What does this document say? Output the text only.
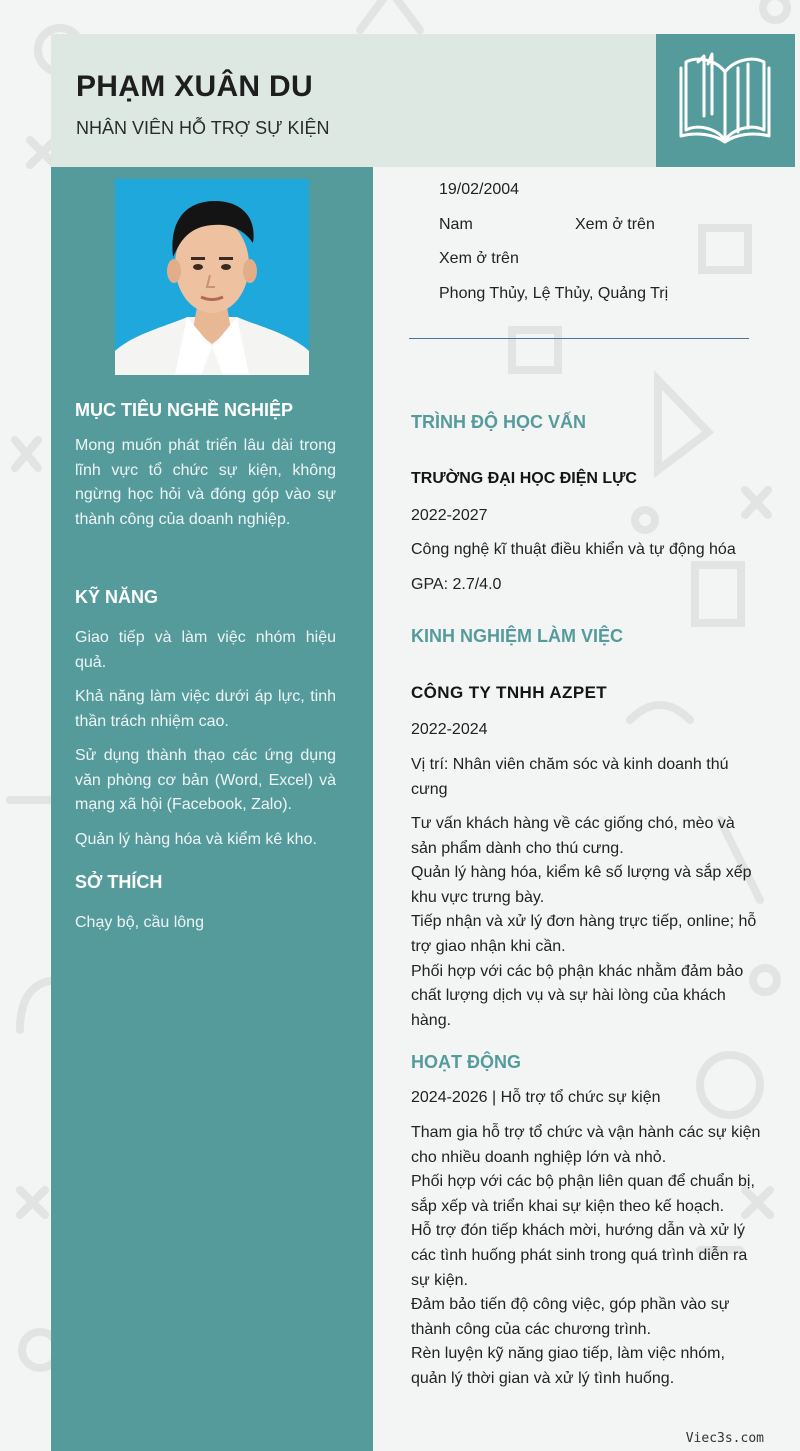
PHẠM XUÂN DU
NHÂN VIÊN HỖ TRỢ SỰ KIỆN
MỤC TIÊU NGHỀ NGHIỆP
Mong muốn phát triển lâu dài trong lĩnh vực tổ chức sự kiện, không ngừng học hỏi và đóng góp vào sự thành công của doanh nghiệp.
KỸ NĂNG
Giao tiếp và làm việc nhóm hiệu quả.
Khả năng làm việc dưới áp lực, tinh thần trách nhiệm cao.
Sử dụng thành thạo các ứng dụng văn phòng cơ bản (Word, Excel) và mạng xã hội (Facebook, Zalo).
Quản lý hàng hóa và kiểm kê kho.
SỞ THÍCH
Chạy bộ, cầu lông
19/02/2004
Nam	Xem ở trên
Xem ở trên
Phong Thủy, Lệ Thủy, Quảng Trị
TRÌNH ĐỘ HỌC VẤN
TRƯỜNG ĐẠI HỌC ĐIỆN LỰC
2022-2027
Công nghệ kĩ thuật điều khiển và tự động hóa
GPA: 2.7/4.0
KINH NGHIỆM LÀM VIỆC
CÔNG TY TNHH AZPET
2022-2024
Vị trí: Nhân viên chăm sóc và kinh doanh thú cưng
Tư vấn khách hàng về các giống chó, mèo và sản phẩm dành cho thú cưng.
Quản lý hàng hóa, kiểm kê số lượng và sắp xếp khu vực trưng bày.
Tiếp nhận và xử lý đơn hàng trực tiếp, online; hỗ trợ giao nhận khi cần.
Phối hợp với các bộ phận khác nhằm đảm bảo chất lượng dịch vụ và sự hài lòng của khách hàng.
HOẠT ĐỘNG
2024-2026 | Hỗ trợ tổ chức sự kiện
Tham gia hỗ trợ tổ chức và vận hành các sự kiện cho nhiều doanh nghiệp lớn và nhỏ.
Phối hợp với các bộ phận liên quan để chuẩn bị, sắp xếp và triển khai sự kiện theo kế hoạch.
Hỗ trợ đón tiếp khách mời, hướng dẫn và xử lý các tình huống phát sinh trong quá trình diễn ra sự kiện.
Đảm bảo tiến độ công việc, góp phần vào sự thành công của các chương trình.
Rèn luyện kỹ năng giao tiếp, làm việc nhóm, quản lý thời gian và xử lý tình huống.
Viec3s.com
